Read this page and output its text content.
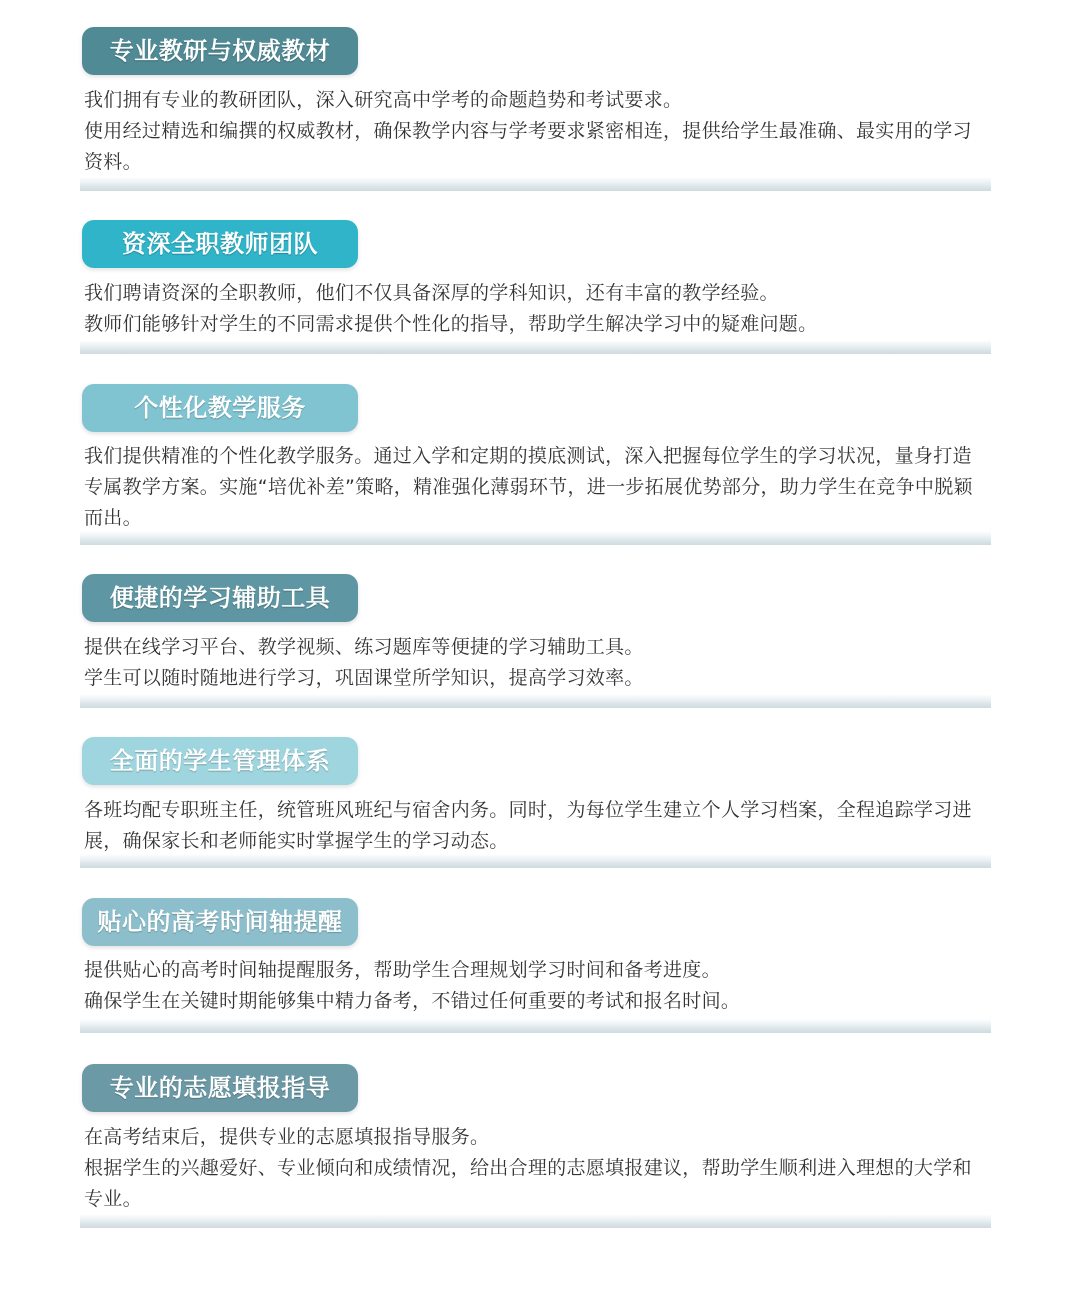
专业教研与权威教材

我们拥有专业的教研团队，深入研究高中学考的命题趋势和考试要求。

使用经过精选和编撰的权威教材，确保教学内容与学考要求紧密相连，提供给学生最准确、最实用的学习资料。

资深全职教师团队

我们聘请资深的全职教师，他们不仅具备深厚的学科知识，还有丰富的教学经验。

教师们能够针对学生的不同需求提供个性化的指导，帮助学生解决学习中的疑难问题。

个性化教学服务

我们提供精准的个性化教学服务。通过入学和定期的摸底测试，深入把握每位学生的学习状况，量身打造专属教学方案。实施“培优补差”策略，精准强化薄弱环节，进一步拓展优势部分，助力学生在竞争中脱颖而出。

便捷的学习辅助工具

提供在线学习平台、教学视频、练习题库等便捷的学习辅助工具。

学生可以随时随地进行学习，巩固课堂所学知识，提高学习效率。

全面的学生管理体系

各班均配专职班主任，统管班风班纪与宿舍内务。同时，为每位学生建立个人学习档案，全程追踪学习进展，确保家长和老师能实时掌握学生的学习动态。

贴心的高考时间轴提醒

提供贴心的高考时间轴提醒服务，帮助学生合理规划学习时间和备考进度。

确保学生在关键时期能够集中精力备考，不错过任何重要的考试和报名时间。

专业的志愿填报指导

在高考结束后，提供专业的志愿填报指导服务。

根据学生的兴趣爱好、专业倾向和成绩情况，给出合理的志愿填报建议，帮助学生顺利进入理想的大学和专业。
